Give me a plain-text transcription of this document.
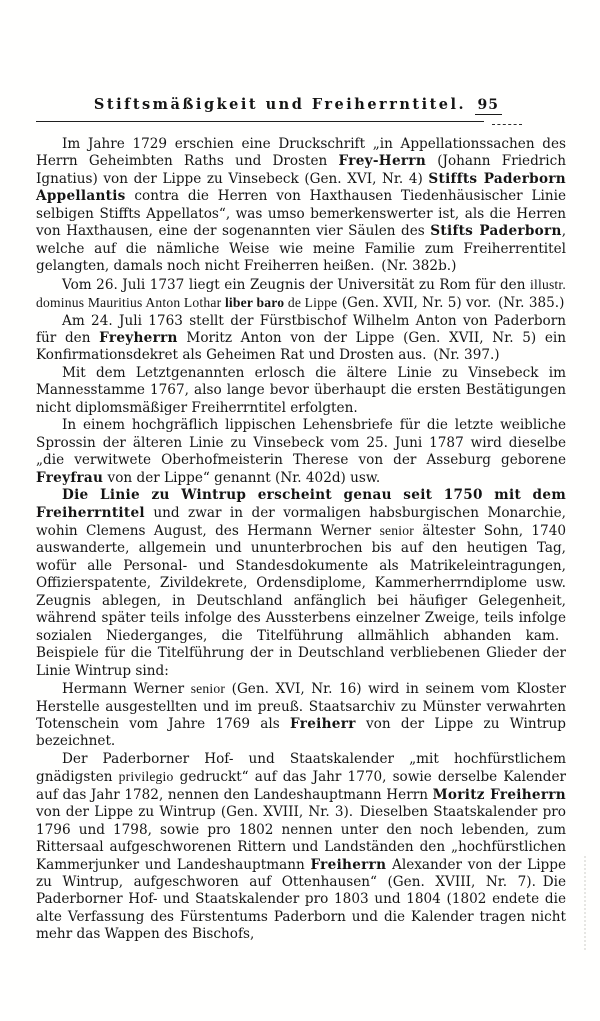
Stiftsmäßigkeit und Freiherrntitel. 95

Im Jahre 1729 erschien eine Druckschrift „in Appellationssachen des Herrn Geheimbten Raths und Drosten Frey-Herrn (Johann Friedrich Ignatius) von der Lippe zu Vinsebeck (Gen. XVI, Nr. 4) Stiffts Paderborn Appellantis contra die Herren von Haxthausen Tiedenhäusischer Linie selbigen Stiffts Appellatos“, was umso bemerkenswerter ist, als die Herren von Haxthausen, eine der sogenannten vier Säulen des Stifts Paderborn, welche auf die nämliche Weise wie meine Familie zum Freiherrentitel gelangten, damals noch nicht Freiherren heißen. (Nr. 382b.)

Vom 26. Juli 1737 liegt ein Zeugnis der Universität zu Rom für den illustr. dominus Mauritius Anton Lothar liber baro de Lippe (Gen. XVII, Nr. 5) vor. (Nr. 385.)

Am 24. Juli 1763 stellt der Fürstbischof Wilhelm Anton von Paderborn für den Freyherrn Moritz Anton von der Lippe (Gen. XVII, Nr. 5) ein Konfirmationsdekret als Geheimen Rat und Drosten aus. (Nr. 397.)

Mit dem Letztgenannten erlosch die ältere Linie zu Vinsebeck im Mannesstamme 1767, also lange bevor überhaupt die ersten Bestätigungen nicht diplomsmäßiger Freiherrntitel erfolgten.

In einem hochgräflich lippischen Lehensbriefe für die letzte weibliche Sprossin der älteren Linie zu Vinsebeck vom 25. Juni 1787 wird dieselbe „die verwitwete Oberhofmeisterin Therese von der Asseburg geborene Freyfrau von der Lippe“ genannt (Nr. 402d) usw.

Die Linie zu Wintrup erscheint genau seit 1750 mit dem Freiherrntitel und zwar in der vormaligen habsburgischen Monarchie, wohin Clemens August, des Hermann Werner senior ältester Sohn, 1740 auswanderte, allgemein und ununterbrochen bis auf den heutigen Tag, wofür alle Personal- und Standesdokumente als Matrikeleintragungen, Offizierspatente, Zivildekrete, Ordensdiplome, Kammerherrndiplome usw. Zeugnis ablegen, in Deutschland anfänglich bei häufiger Gelegenheit, während später teils infolge des Aussterbens einzelner Zweige, teils infolge sozialen Niederganges, die Titelführung allmählich abhanden kam. Beispiele für die Titelführung der in Deutschland verbliebenen Glieder der Linie Wintrup sind:

Hermann Werner senior (Gen. XVI, Nr. 16) wird in seinem vom Kloster Herstelle ausgestellten und im preuß. Staatsarchiv zu Münster verwahrten Totenschein vom Jahre 1769 als Freiherr von der Lippe zu Wintrup bezeichnet.

Der Paderborner Hof- und Staatskalender „mit hochfürstlichem gnädigsten privilegio gedruckt“ auf das Jahr 1770, sowie derselbe Kalender auf das Jahr 1782, nennen den Landeshauptmann Herrn Moritz Freiherrn von der Lippe zu Wintrup (Gen. XVIII, Nr. 3). Dieselben Staatskalender pro 1796 und 1798, sowie pro 1802 nennen unter den noch lebenden, zum Rittersaal aufgeschworenen Rittern und Landständen den „hochfürstlichen Kammerjunker und Landeshauptmann Freiherrn Alexander von der Lippe zu Wintrup, aufgeschworen auf Ottenhausen“ (Gen. XVIII, Nr. 7). Die Paderborner Hof- und Staatskalender pro 1803 und 1804 (1802 endete die alte Verfassung des Fürstentums Paderborn und die Kalender tragen nicht mehr das Wappen des Bischofs,
